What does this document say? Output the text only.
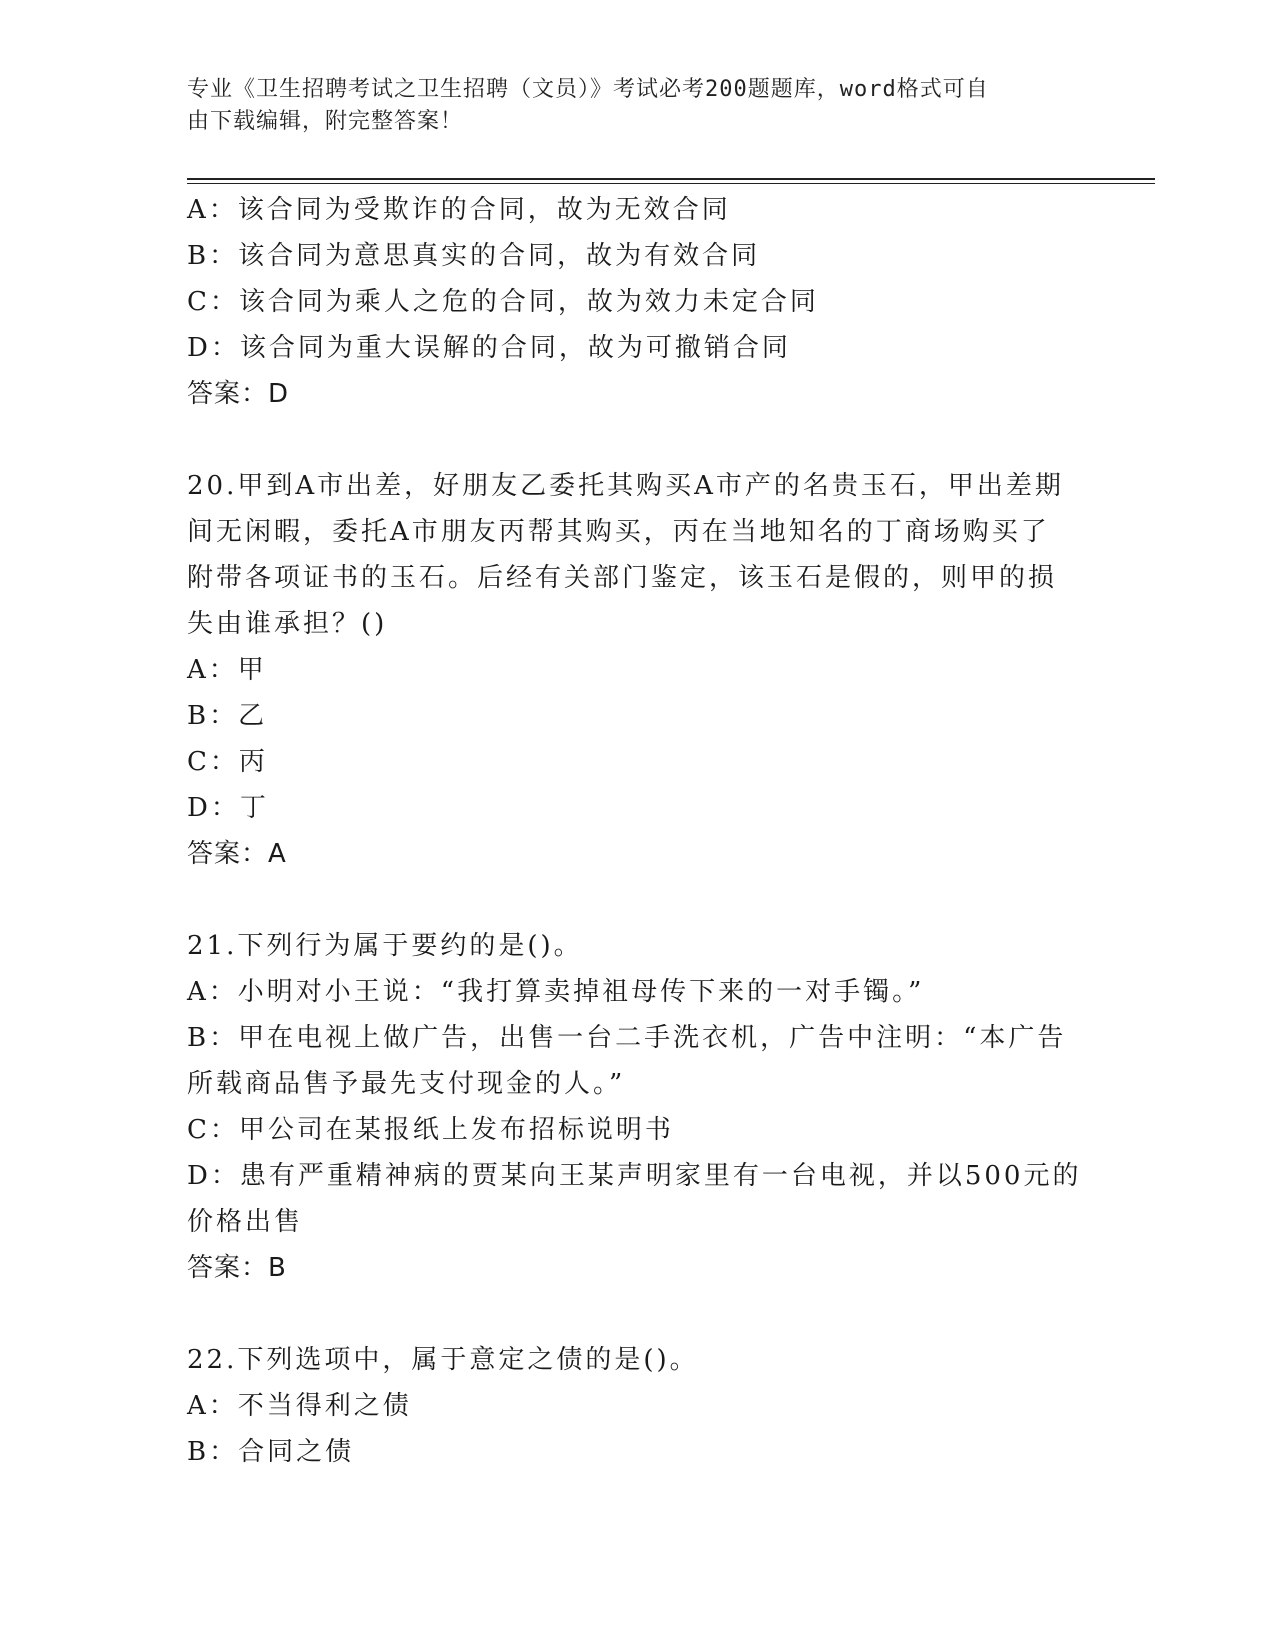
专业《卫生招聘考试之卫生招聘（文员）》考试必考200题题库，word格式可自
由下载编辑，附完整答案！

A：该合同为受欺诈的合同，故为无效合同

B：该合同为意思真实的合同，故为有效合同

C：该合同为乘人之危的合同，故为效力未定合同

D：该合同为重大误解的合同，故为可撤销合同

答案：D

20.甲到A市出差，好朋友乙委托其购买A市产的名贵玉石，甲出差期

间无闲暇，委托A市朋友丙帮其购买，丙在当地知名的丁商场购买了

附带各项证书的玉石。后经有关部门鉴定，该玉石是假的，则甲的损

失由谁承担？()

A：甲

B：乙

C：丙

D：丁

答案：A

21.下列行为属于要约的是()。

A：小明对小王说：“我打算卖掉祖母传下来的一对手镯。”

B：甲在电视上做广告，出售一台二手洗衣机，广告中注明：“本广告

所载商品售予最先支付现金的人。”

C：甲公司在某报纸上发布招标说明书

D：患有严重精神病的贾某向王某声明家里有一台电视，并以500元的

价格出售

答案：B

22.下列选项中，属于意定之债的是()。

A：不当得利之债

B：合同之债
